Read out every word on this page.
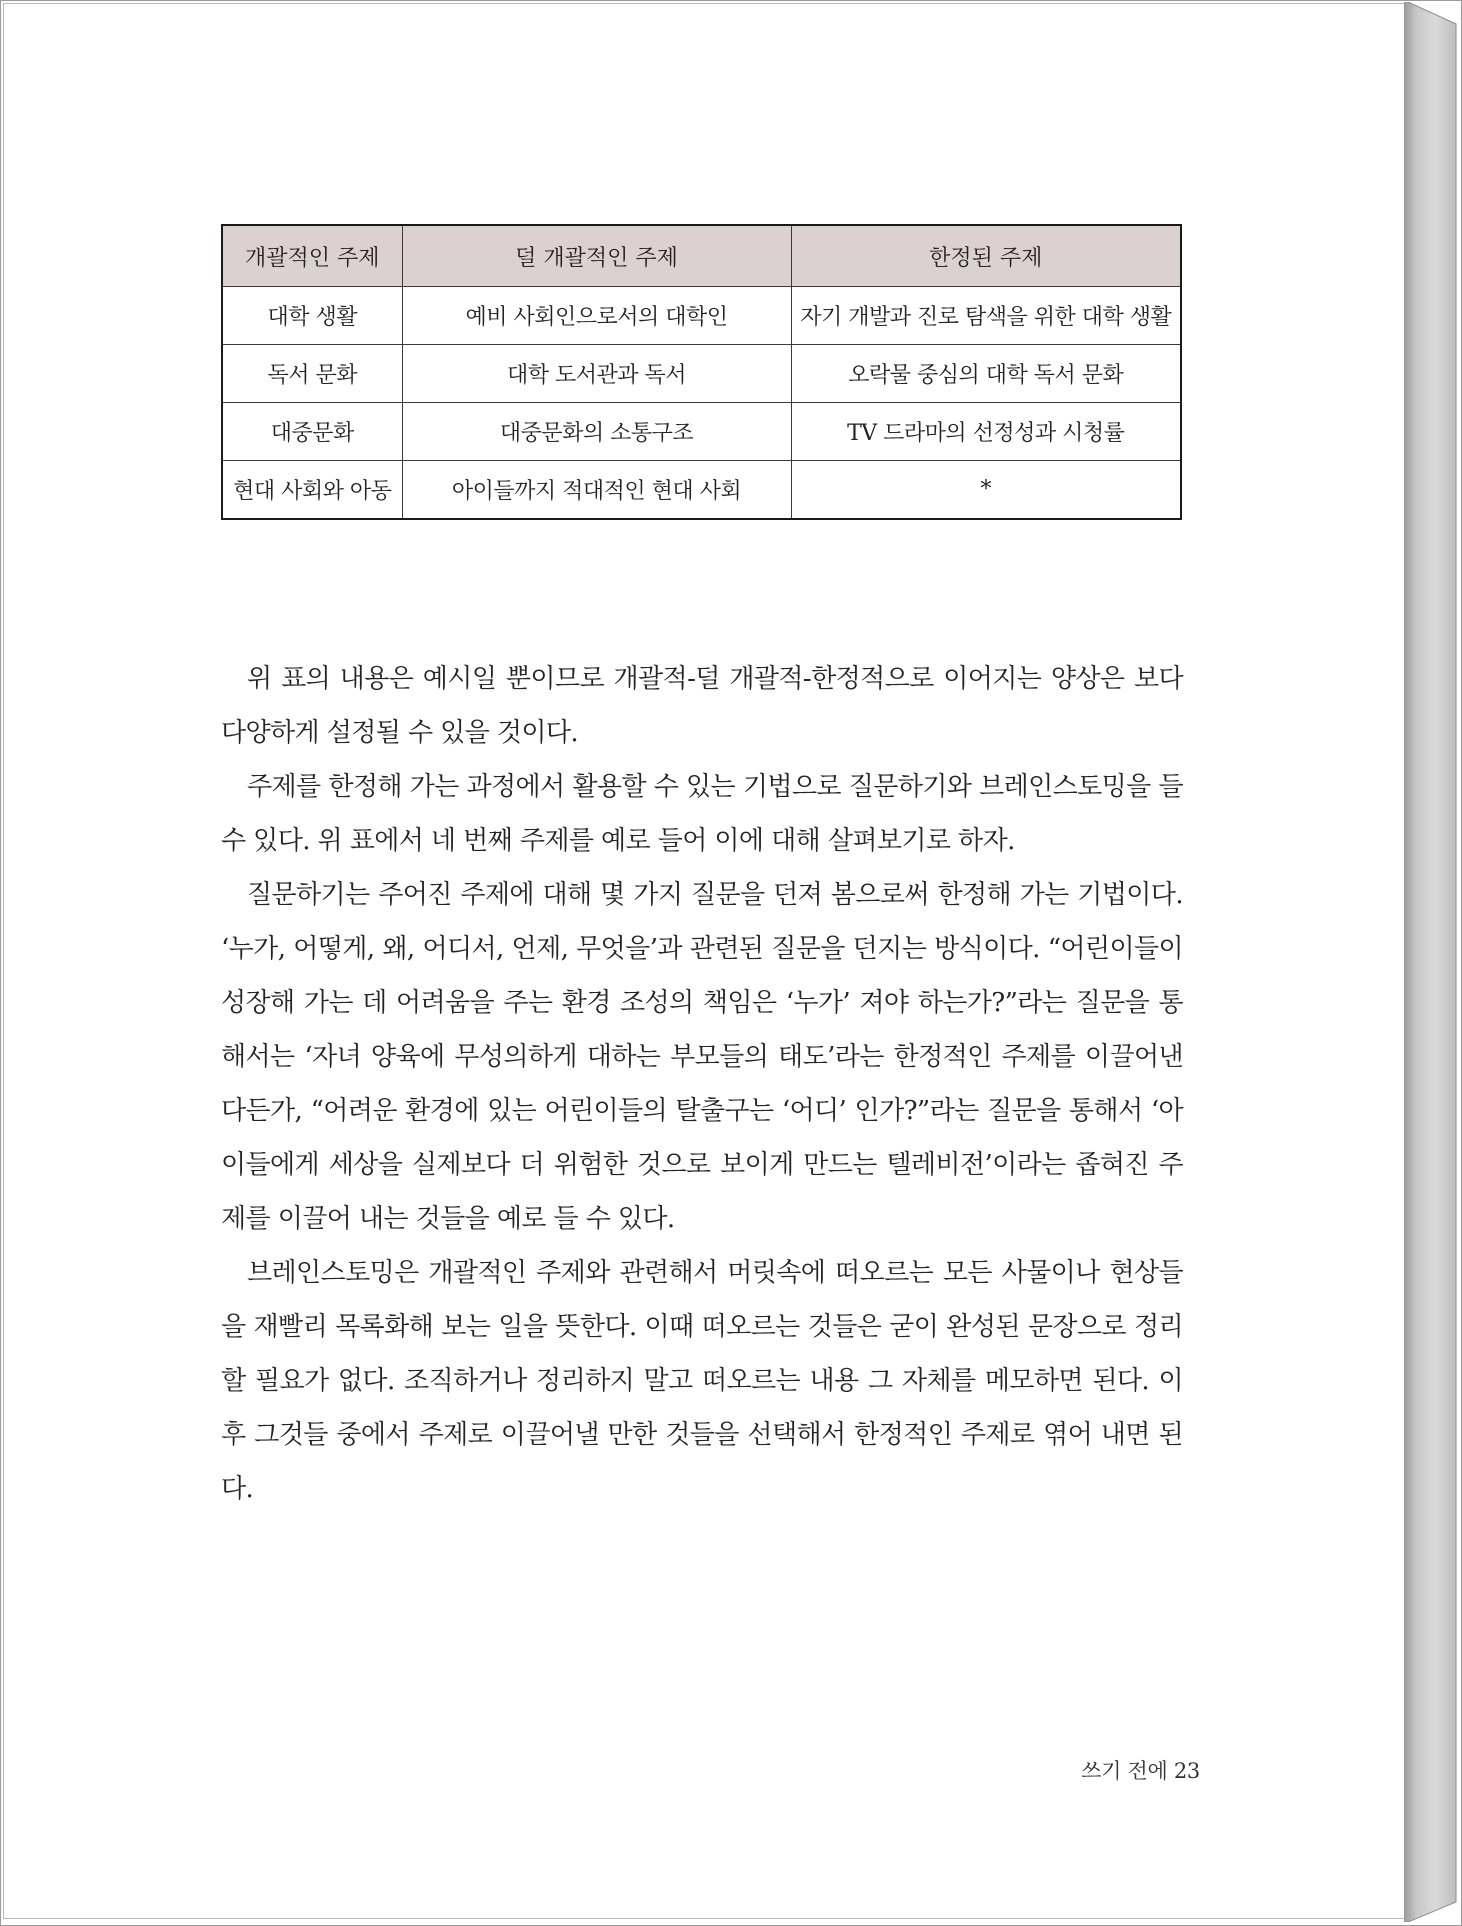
개괄적인 주제	덜 개괄적인 주제	한정된 주제
대학 생활	예비 사회인으로서의 대학인	자기 개발과 진로 탐색을 위한 대학 생활
독서 문화	대학 도서관과 독서	오락물 중심의 대학 독서 문화
대중문화	대중문화의 소통구조	TV 드라마의 선정성과 시청률
현대 사회와 아동	아이들까지 적대적인 현대 사회	*

위 표의 내용은 예시일 뿐이므로 개괄적-덜 개괄적-한정적으로 이어지는 양상은 보다 다양하게 설정될 수 있을 것이다.

주제를 한정해 가는 과정에서 활용할 수 있는 기법으로 질문하기와 브레인스토밍을 들 수 있다. 위 표에서 네 번째 주제를 예로 들어 이에 대해 살펴보기로 하자.

질문하기는 주어진 주제에 대해 몇 가지 질문을 던져 봄으로써 한정해 가는 기법이다. ‘누가, 어떻게, 왜, 어디서, 언제, 무엇을’과 관련된 질문을 던지는 방식이다. “어린이들이 성장해 가는 데 어려움을 주는 환경 조성의 책임은 ‘누가’ 져야 하는가?”라는 질문을 통해서는 ‘자녀 양육에 무성의하게 대하는 부모들의 태도’라는 한정적인 주제를 이끌어낸다든가, “어려운 환경에 있는 어린이들의 탈출구는 ‘어디’ 인가?”라는 질문을 통해서 ‘아이들에게 세상을 실제보다 더 위험한 것으로 보이게 만드는 텔레비전’이라는 좁혀진 주제를 이끌어 내는 것들을 예로 들 수 있다.

브레인스토밍은 개괄적인 주제와 관련해서 머릿속에 떠오르는 모든 사물이나 현상들을 재빨리 목록화해 보는 일을 뜻한다. 이때 떠오르는 것들은 굳이 완성된 문장으로 정리할 필요가 없다. 조직하거나 정리하지 말고 떠오르는 내용 그 자체를 메모하면 된다. 이후 그것들 중에서 주제로 이끌어낼 만한 것들을 선택해서 한정적인 주제로 엮어 내면 된다.

쓰기 전에 23
